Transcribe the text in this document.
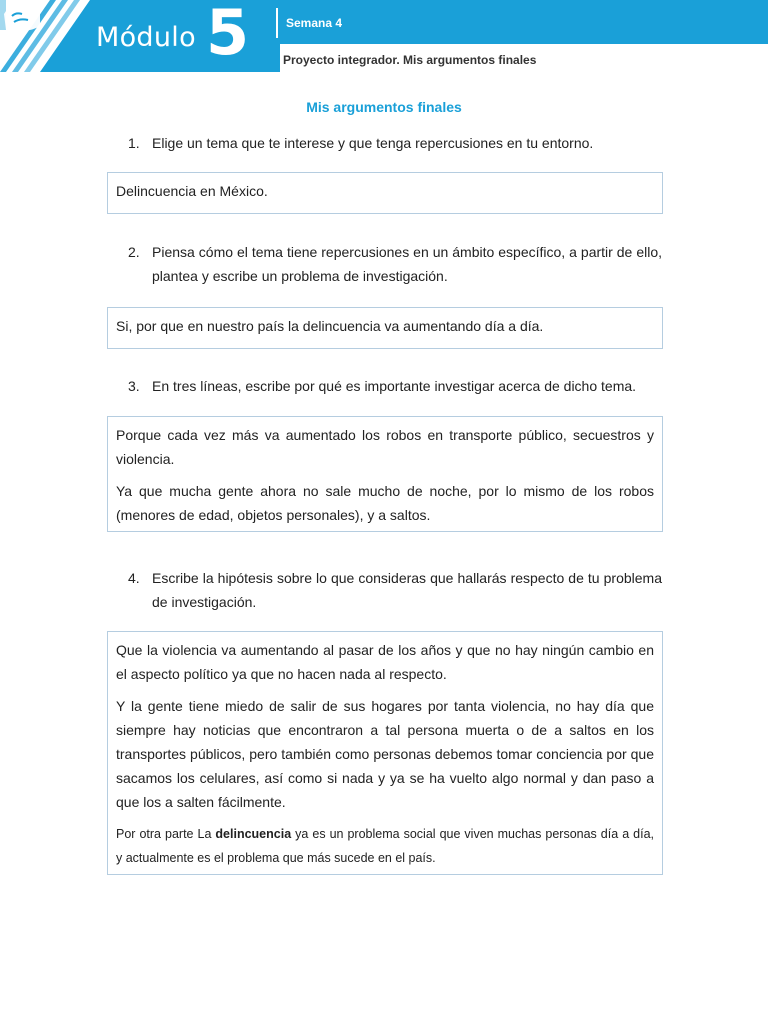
Módulo 5	Semana 4
Proyecto integrador. Mis argumentos finales
Mis argumentos finales
1. Elige un tema que te interese y que tenga repercusiones en tu entorno.

Delincuencia en México.

2. Piensa cómo el tema tiene repercusiones en un ámbito específico, a partir de ello, plantea y escribe un problema de investigación.

Si, por que en nuestro país la delincuencia va aumentando día a día.

3. En tres líneas, escribe por qué es importante investigar acerca de dicho tema.

Porque cada vez más va aumentado los robos en transporte público, secuestros y violencia.

Ya que mucha gente ahora no sale mucho de noche, por lo mismo de los robos (menores de edad, objetos personales), y a saltos.

4. Escribe la hipótesis sobre lo que consideras que hallarás respecto de tu problema de investigación.

Que la violencia va aumentando al pasar de los años y que no hay ningún cambio en el aspecto político ya que no hacen nada al respecto.

Y la gente tiene miedo de salir de sus hogares por tanta violencia, no hay día que siempre hay noticias que encontraron a tal persona muerta o de a saltos en los transportes públicos, pero también como personas debemos tomar conciencia por que sacamos los celulares, así como si nada y ya se ha vuelto algo normal y dan paso a que los a salten fácilmente.

Por otra parte La delincuencia ya es un problema social que viven muchas personas día a día, y actualmente es el problema que más sucede en el país.
